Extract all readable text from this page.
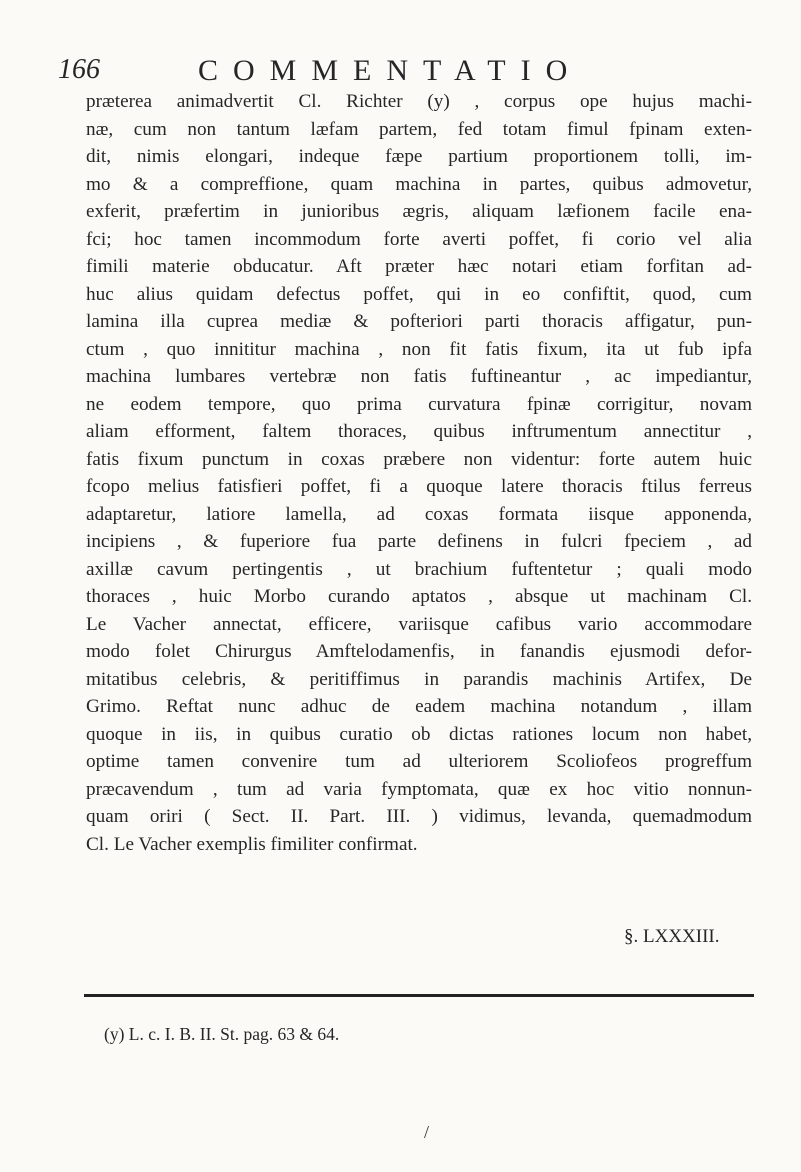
166	COMMENTATIO
præterea animadvertit Cl. Richter (y) , corpus ope hujus machi-
næ, cum non tantum læfam partem, fed totam fimul fpinam exten-
dit, nimis elongari, indeque fæpe partium proportionem tolli, im-
mo & a compreffione, quam machina in partes, quibus admovetur,
exferit, præfertim in junioribus ægris, aliquam læfionem facile ena-
fci; hoc tamen incommodum forte averti poffet, fi corio vel alia
fimili materie obducatur. Aft præter hæc notari etiam forfitan ad-
huc alius quidam defectus poffet, qui in eo confiftit, quod, cum
lamina illa cuprea mediæ & pofteriori parti thoracis affigatur, pun-
ctum , quo innititur machina , non fit fatis fixum, ita ut fub ipfa
machina lumbares vertebræ non fatis fuftineantur , ac impediantur,
ne eodem tempore, quo prima curvatura fpinæ corrigitur, novam
aliam efforment, faltem thoraces, quibus inftrumentum annectitur ,
fatis fixum punctum in coxas præbere non videntur: forte autem huic
fcopo melius fatisfieri poffet, fi a quoque latere thoracis ftilus ferreus
adaptaretur, latiore lamella, ad coxas formata iisque apponenda,
incipiens , & fuperiore fua parte definens in fulcri fpeciem , ad
axillæ cavum pertingentis , ut brachium fuftentetur ; quali modo
thoraces , huic Morbo curando aptatos , absque ut machinam Cl.
Le Vacher annectat, efficere, variisque cafibus vario accommodare
modo folet Chirurgus Amftelodamenfis, in fanandis ejusmodi defor-
mitatibus celebris, & peritiffimus in parandis machinis Artifex, De
Grimo. Reftat nunc adhuc de eadem machina notandum , illam
quoque in iis, in quibus curatio ob dictas rationes locum non habet,
optime tamen convenire tum ad ulteriorem Scoliofeos progreffum
præcavendum , tum ad varia fymptomata, quæ ex hoc vitio nonnun-
quam oriri ( Sect. II. Part. III. ) vidimus, levanda, quemadmodum
Cl. Le Vacher exemplis fimiliter confirmat.
§. LXXXIII.
(y) L. c. I. B. II. St. pag. 63 & 64.
/
